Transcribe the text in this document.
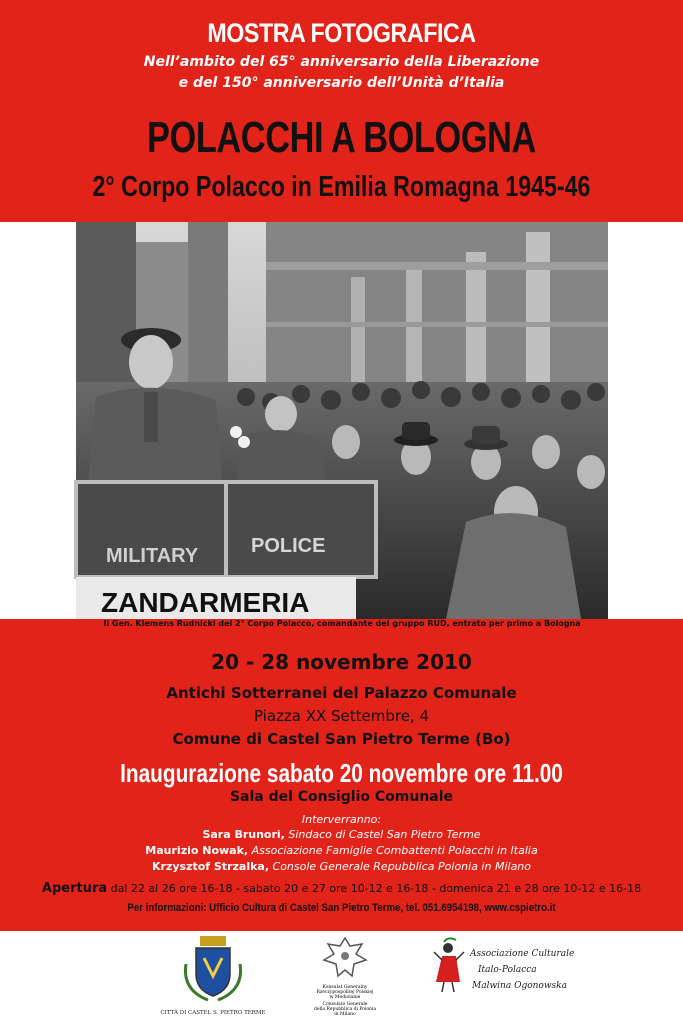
MOSTRA FOTOGRAFICA
Nell’ambito del 65° anniversario della Liberazione
e del 150° anniversario dell’Unità d’Italia
POLACCHI A BOLOGNA
2° Corpo Polacco in Emilia Romagna 1945-46
MILITARY	POLICE
ZANDARMERIA
Il Gen. Klemens Rudnicki del 2° Corpo Polacco, comandante del gruppo RUD, entrato per primo a Bologna
20 - 28 novembre 2010
Antichi Sotterranei del Palazzo Comunale
Piazza XX Settembre, 4
Comune di Castel San Pietro Terme (Bo)
Inaugurazione sabato 20 novembre ore 11.00
Sala del Consiglio Comunale
Interverranno:
Sara Brunori, Sindaco di Castel San Pietro Terme
Maurizio Nowak, Associazione Famiglie Combattenti Polacchi in Italia
Krzysztof Strzalka, Console Generale Repubblica Polonia in Milano
Apertura dal 22 al 26 ore 16-18 - sabato 20 e 27 ore 10-12 e 16-18 - domenica 21 e 28 ore 10-12 e 16-18
Per informazioni: Ufficio Cultura di Castel San Pietro Terme, tel. 051.6954198, www.cspietro.it
CITTÀ DI CASTEL S. PIETRO TERME
Konsulat Generalny
Rzeczypospolitej Polskiej
w Mediolanie
Consolato Generale
della Repubblica di Polonia
in Milano
Associazione Culturale
Italo-Polacca
Malwina Ogonowska
